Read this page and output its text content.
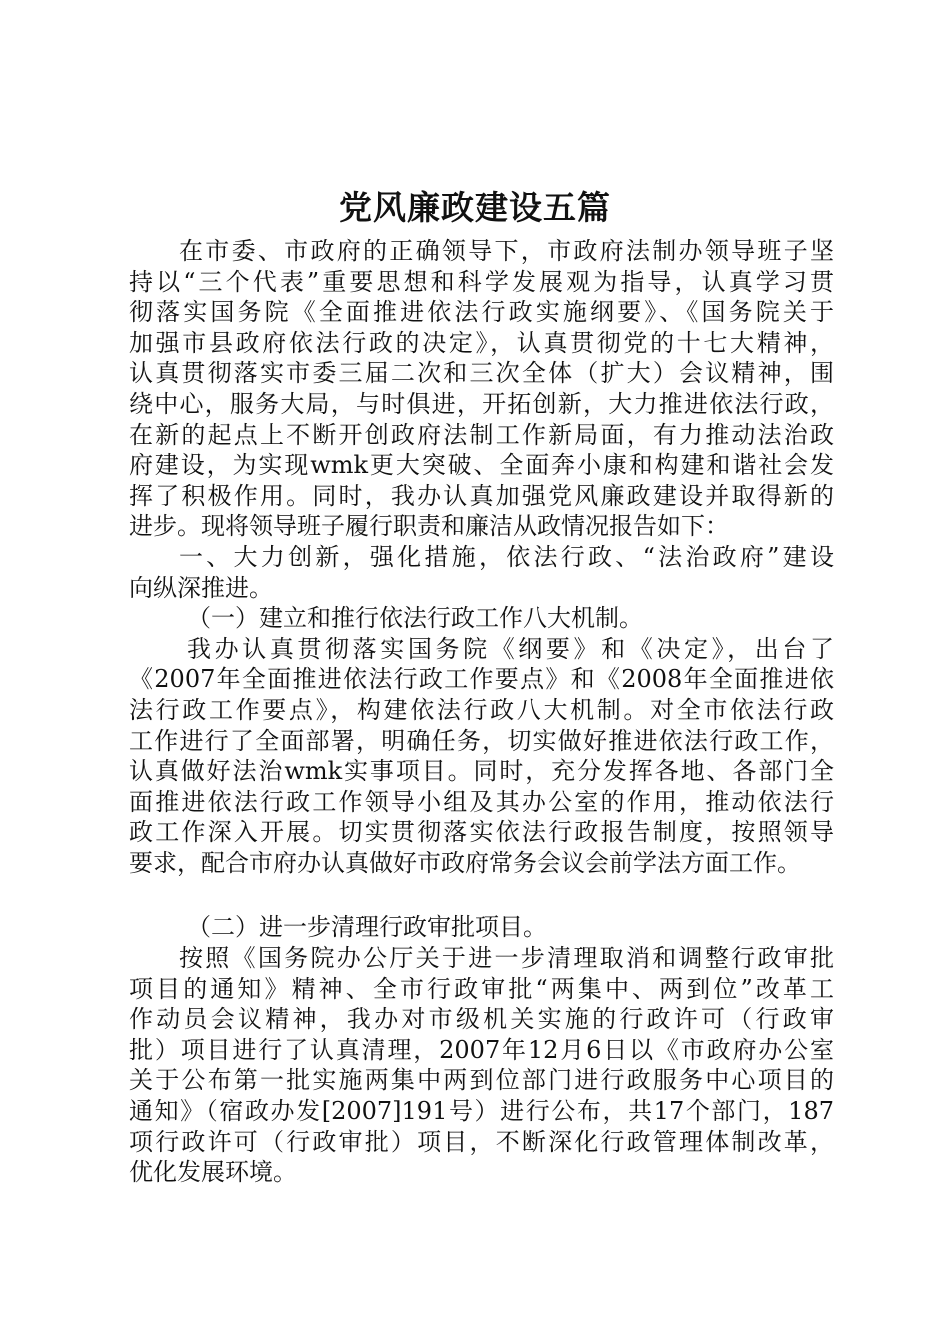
党风廉政建设五篇

在市委、市政府的正确领导下，市政府法制办领导班子坚
持以“三个代表”重要思想和科学发展观为指导，认真学习贯
彻落实国务院《全面推进依法行政实施纲要》、《国务院关于
加强市县政府依法行政的决定》，认真贯彻党的十七大精神，
认真贯彻落实市委三届二次和三次全体（扩大）会议精神，围
绕中心，服务大局，与时俱进，开拓创新，大力推进依法行政，
在新的起点上不断开创政府法制工作新局面，有力推动法治政
府建设，为实现wmk更大突破、全面奔小康和构建和谐社会发
挥了积极作用。同时，我办认真加强党风廉政建设并取得新的
进步。现将领导班子履行职责和廉洁从政情况报告如下：

一、大力创新，强化措施，依法行政、“法治政府”建设
向纵深推进。

（一）建立和推行依法行政工作八大机制。

我办认真贯彻落实国务院《纲要》和《决定》，出台了
《2007年全面推进依法行政工作要点》和《2008年全面推进依
法行政工作要点》，构建依法行政八大机制。对全市依法行政
工作进行了全面部署，明确任务，切实做好推进依法行政工作，
认真做好法治wmk实事项目。同时，充分发挥各地、各部门全
面推进依法行政工作领导小组及其办公室的作用，推动依法行
政工作深入开展。切实贯彻落实依法行政报告制度，按照领导
要求，配合市府办认真做好市政府常务会议会前学法方面工作。

（二）进一步清理行政审批项目。

按照《国务院办公厅关于进一步清理取消和调整行政审批
项目的通知》精神、全市行政审批“两集中、两到位”改革工
作动员会议精神，我办对市级机关实施的行政许可（行政审
批）项目进行了认真清理，2007年12月6日以《市政府办公室
关于公布第一批实施两集中两到位部门进行政服务中心项目的
通知》（宿政办发[2007]191号）进行公布，共17个部门，187
项行政许可（行政审批）项目，不断深化行政管理体制改革，
优化发展环境。
